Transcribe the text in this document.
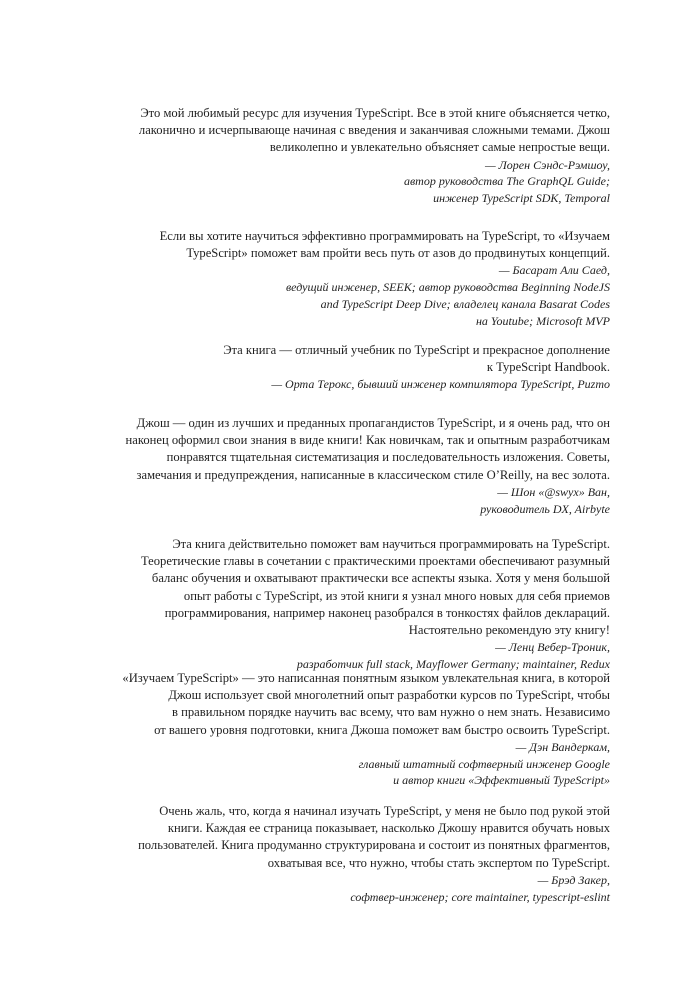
Это мой любимый ресурс для изучения TypeScript. Все в этой книге объясняется четко,
лаконично и исчерпывающе начиная с введения и заканчивая сложными темами. Джош
великолепно и увлекательно объясняет самые непростые вещи.

— Лорен Сэндс-Рэмшоу,
автор руководства The GraphQL Guide;
инженер TypeScript SDK, Temporal

Если вы хотите научиться эффективно программировать на TypeScript, то «Изучаем
TypeScript» поможет вам пройти весь путь от азов до продвинутых концепций.

— Басарат Али Саед,
ведущий инженер, SEEK; автор руководства Beginning NodeJS
and TypeScript Deep Dive; владелец канала Basarat Codes
на Youtube; Microsoft MVP

Эта книга — отличный учебник по TypeScript и прекрасное дополнение
к TypeScript Handbook.

— Орта Терокс, бывший инженер компилятора TypeScript, Puzmo

Джош — один из лучших и преданных пропагандистов TypeScript, и я очень рад, что он
наконец оформил свои знания в виде книги! Как новичкам, так и опытным разработчикам
понравятся тщательная систематизация и последовательность изложения. Советы,
замечания и предупреждения, написанные в классическом стиле O’Reilly, на вес золота.

— Шон «@swyx» Ван,
руководитель DX, Airbyte

Эта книга действительно поможет вам научиться программировать на TypeScript.
Теоретические главы в сочетании с практическими проектами обеспечивают разумный
баланс обучения и охватывают практически все аспекты языка. Хотя у меня большой
опыт работы с TypeScript, из этой книги я узнал много новых для себя приемов
программирования, например наконец разобрался в тонкостях файлов деклараций.
Настоятельно рекомендую эту книгу!

— Ленц Вебер-Троник,
разработчик full stack, Mayflower Germany; maintainer, Redux

«Изучаем TypeScript» — это написанная понятным языком увлекательная книга, в которой
Джош использует свой многолетний опыт разработки курсов по TypeScript, чтобы
в правильном порядке научить вас всему, что вам нужно о нем знать. Независимо
от вашего уровня подготовки, книга Джоша поможет вам быстро освоить TypeScript.

— Дэн Вандеркам,
главный штатный софтверный инженер Google
и автор книги «Эффективный TypeScript»

Очень жаль, что, когда я начинал изучать TypeScript, у меня не было под рукой этой
книги. Каждая ее страница показывает, насколько Джошу нравится обучать новых
пользователей. Книга продуманно структурирована и состоит из понятных фрагментов,
охватывая все, что нужно, чтобы стать экспертом по TypeScript.

— Брэд Закер,
софтвер-инженер; core maintainer, typescript-eslint
